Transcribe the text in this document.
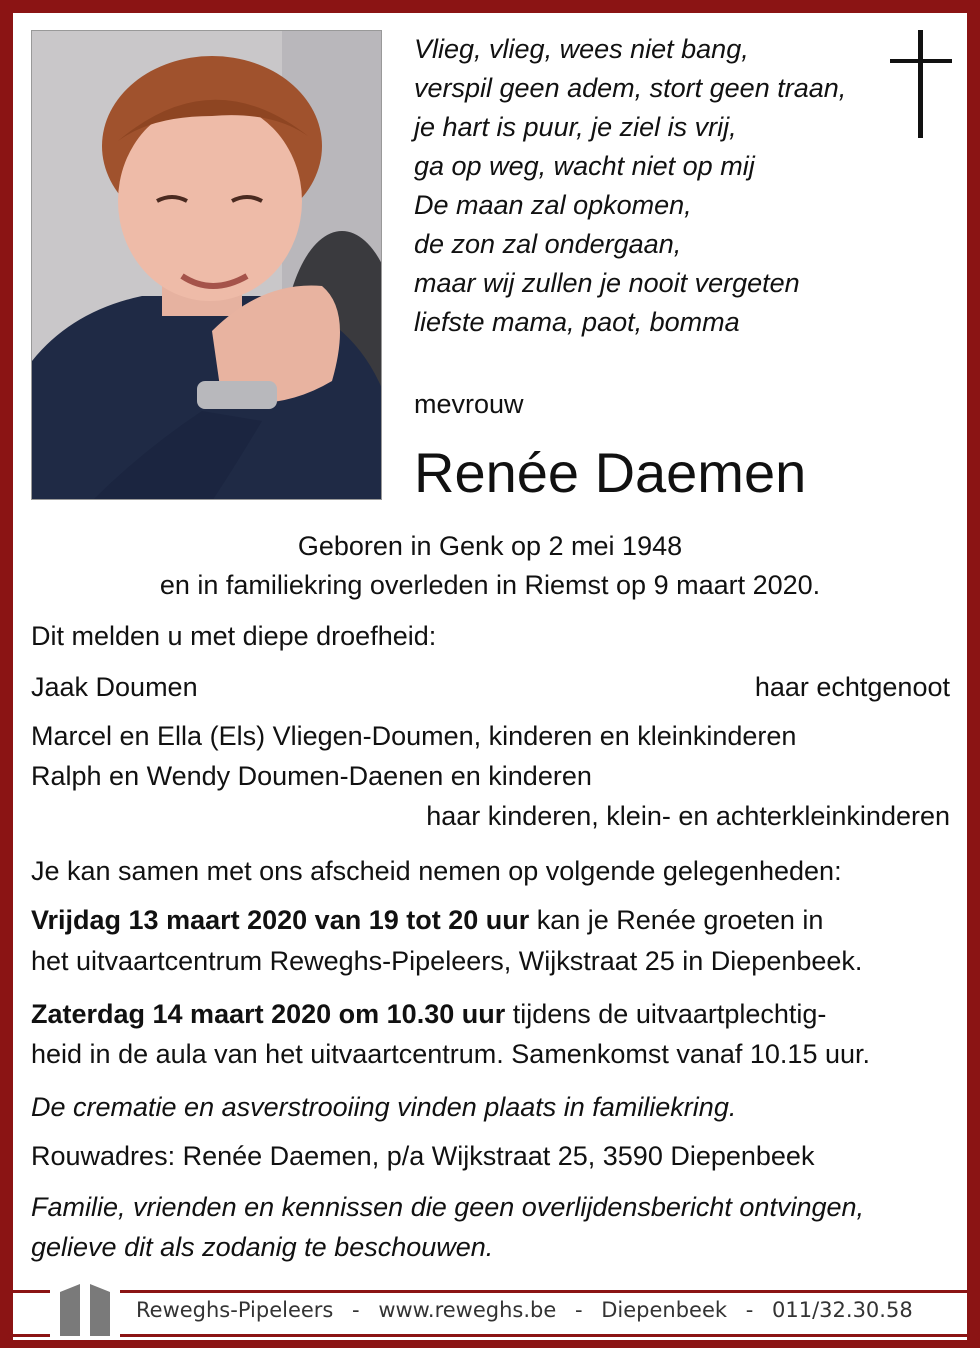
Vlieg, vlieg, wees niet bang,
verspil geen adem, stort geen traan,
je hart is puur, je ziel is vrij,
ga op weg, wacht niet op mij
De maan zal opkomen,
de zon zal ondergaan,
maar wij zullen je nooit vergeten
liefste mama, paot, bomma
mevrouw
Renée Daemen
Geboren in Genk op 2 mei 1948
en in familiekring overleden in Riemst op 9 maart 2020.
Dit melden u met diepe droefheid:
Jaak Doumen	haar echtgenoot
Marcel en Ella (Els) Vliegen-Doumen, kinderen en kleinkinderen
Ralph en Wendy Doumen-Daenen en kinderen
haar kinderen, klein- en achterkleinkinderen
Je kan samen met ons afscheid nemen op volgende gelegenheden:
Vrijdag 13 maart 2020 van 19 tot 20 uur kan je Renée groeten in
het uitvaartcentrum Reweghs-Pipeleers, Wijkstraat 25 in Diepenbeek.
Zaterdag 14 maart 2020 om 10.30 uur tijdens de uitvaartplechtig-
heid in de aula van het uitvaartcentrum. Samenkomst vanaf 10.15 uur.
De crematie en asverstrooiing vinden plaats in familiekring.
Rouwadres: Renée Daemen, p/a Wijkstraat 25, 3590 Diepenbeek
Familie, vrienden en kennissen die geen overlijdensbericht ontvingen,
gelieve dit als zodanig te beschouwen.
Reweghs-Pipeleers - www.reweghs.be - Diepenbeek - 011/32.30.58
